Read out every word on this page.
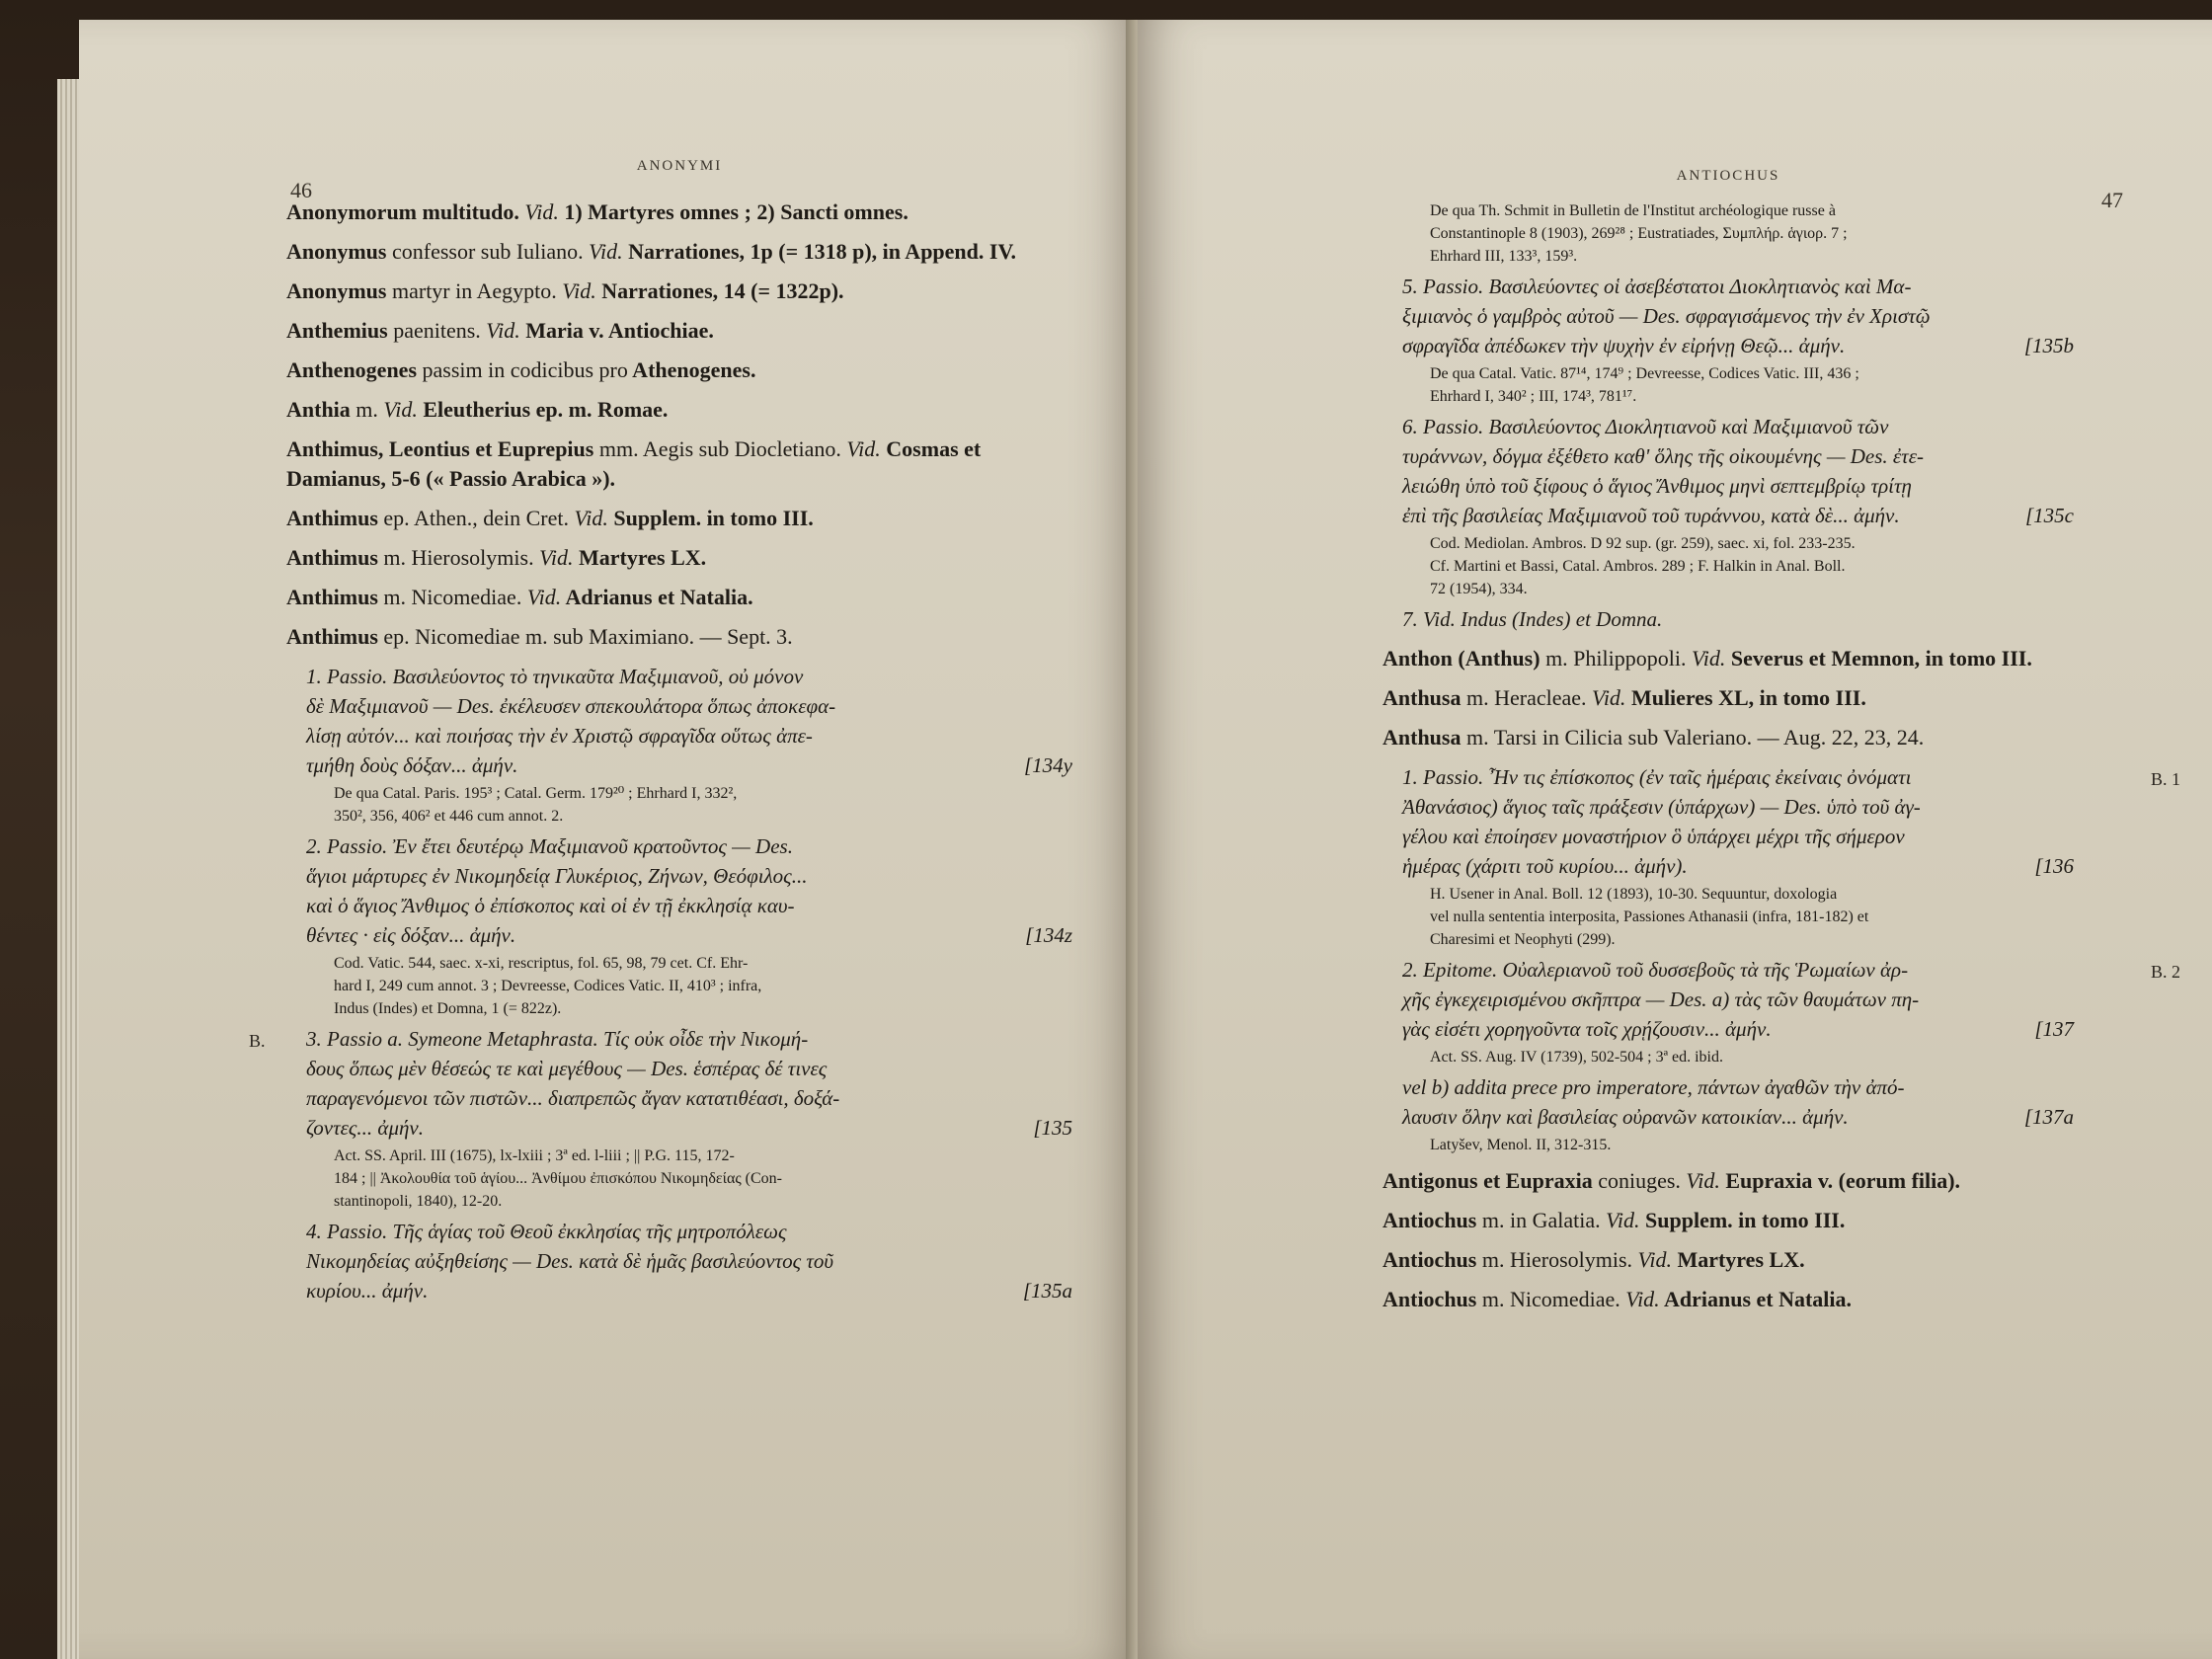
46
ANONYMI
Anonymorum multitudo. Vid. 1) Martyres omnes ; 2) Sancti omnes.
Anonymus confessor sub Iuliano. Vid. Narrationes, 1p (= 1318 p), in Append. IV.
Anonymus martyr in Aegypto. Vid. Narrationes, 14 (= 1322p).
Anthemius paenitens. Vid. Maria v. Antiochiae.
Anthenogenes passim in codicibus pro Athenogenes.
Anthia m. Vid. Eleutherius ep. m. Romae.
Anthimus, Leontius et Euprepius mm. Aegis sub Diocletiano. Vid. Cosmas et Damianus, 5-6 (« Passio Arabica »).
Anthimus ep. Athen., dein Cret. Vid. Supplem. in tomo III.
Anthimus m. Hierosolymis. Vid. Martyres LX.
Anthimus m. Nicomediae. Vid. Adrianus et Natalia.
Anthimus ep. Nicomediae m. sub Maximiano. — Sept. 3.
1. Passio. Βασιλεύοντος τὸ τηνικαῦτα Μαξιμιανοῦ, οὐ μόνον
δὲ Μαξιμιανοῦ — Des. ἐκέλευσεν σπεκουλάτορα ὅπως ἀποκεφα-
λίσῃ αὐτόν... καὶ ποιήσας τὴν ἐν Χριστῷ σφραγῖδα οὕτως ἀπε-
τμήθη δοὺς δόξαν... ἀμήν.	[134y
De qua Catal. Paris. 195³ ; Catal. Germ. 179²⁰ ; Ehrhard I, 332²,
350², 356, 406² et 446 cum annot. 2.
2. Passio. Ἐν ἔτει δευτέρῳ Μαξιμιανοῦ κρατοῦντος — Des.
ἅγιοι μάρτυρες ἐν Νικομηδείᾳ Γλυκέριος, Ζήνων, Θεόφιλος...
καὶ ὁ ἅγιος Ἄνθιμος ὁ ἐπίσκοπος καὶ οἱ ἐν τῇ ἐκκλησίᾳ καυ-
θέντες · εἰς δόξαν... ἀμήν.	[134z
Cod. Vatic. 544, saec. x-xi, rescriptus, fol. 65, 98, 79 cet. Cf. Ehr-
hard I, 249 cum annot. 3 ; Devreesse, Codices Vatic. II, 410³ ; infra,
Indus (Indes) et Domna, 1 (= 822z).
B. 3. Passio a. Symeone Metaphrasta. Τίς οὐκ οἶδε τὴν Νικομή-
δους ὅπως μὲν θέσεώς τε καὶ μεγέθους — Des. ἑσπέρας δέ τινες
παραγενόμενοι τῶν πιστῶν... διαπρεπῶς ἄγαν κατατιθέασι, δοξά-
ζοντες... ἀμήν.	[135
Act. SS. April. III (1675), lx-lxiii ; 3ª ed. l-liii ; || P.G. 115, 172-
184 ; || Ἀκολουθία τοῦ ἁγίου... Ἀνθίμου ἐπισκόπου Νικομηδείας (Con-
stantinopoli, 1840), 12-20.
4. Passio. Τῆς ἁγίας τοῦ Θεοῦ ἐκκλησίας τῆς μητροπόλεως
Νικομηδείας αὐξηθείσης — Des. κατὰ δὲ ἡμᾶς βασιλεύοντος τοῦ
κυρίου... ἀμήν.	[135a
ANTIOCHUS
47
De qua Th. Schmit in Bulletin de l'Institut archéologique russe à
Constantinople 8 (1903), 269²⁸ ; Eustratiades, Συμπλήρ. ἁγιορ. 7 ;
Ehrhard III, 133³, 159³.
5. Passio. Βασιλεύοντες οἱ ἀσεβέστατοι Διοκλητιανὸς καὶ Μα-
ξιμιανὸς ὁ γαμβρὸς αὐτοῦ — Des. σφραγισάμενος τὴν ἐν Χριστῷ
σφραγῖδα ἀπέδωκεν τὴν ψυχὴν ἐν εἰρήνῃ Θεῷ... ἀμήν.	[135b
De qua Catal. Vatic. 87¹⁴, 174⁹ ; Devreesse, Codices Vatic. III, 436 ;
Ehrhard I, 340² ; III, 174³, 781¹⁷.
6. Passio. Βασιλεύοντος Διοκλητιανοῦ καὶ Μαξιμιανοῦ τῶν
τυράννων, δόγμα ἐξέθετο καθ' ὅλης τῆς οἰκουμένης — Des. ἐτε-
λειώθη ὑπὸ τοῦ ξίφους ὁ ἅγιος Ἄνθιμος μηνὶ σεπτεμβρίῳ τρίτῃ
ἐπὶ τῆς βασιλείας Μαξιμιανοῦ τοῦ τυράννου, κατὰ δὲ... ἀμήν.	[135c
Cod. Mediolan. Ambros. D 92 sup. (gr. 259), saec. xi, fol. 233-235.
Cf. Martini et Bassi, Catal. Ambros. 289 ; F. Halkin in Anal. Boll.
72 (1954), 334.
7. Vid. Indus (Indes) et Domna.
Anthon (Anthus) m. Philippopoli. Vid. Severus et Memnon, in tomo III.
Anthusa m. Heracleae. Vid. Mulieres XL, in tomo III.
Anthusa m. Tarsi in Cilicia sub Valeriano. — Aug. 22, 23, 24.
B. 1
1. Passio. Ἦν τις ἐπίσκοπος (ἐν ταῖς ἡμέραις ἐκείναις ὀνόματι
Ἀθανάσιος) ἅγιος ταῖς πράξεσιν (ὑπάρχων) — Des. ὑπὸ τοῦ ἀγ-
γέλου καὶ ἐποίησεν μοναστήριον ὃ ὑπάρχει μέχρι τῆς σήμερον
ἡμέρας (χάριτι τοῦ κυρίου... ἀμήν).	[136
H. Usener in Anal. Boll. 12 (1893), 10-30. Sequuntur, doxologia
vel nulla sententia interposita, Passiones Athanasii (infra, 181-182) et
Charesimi et Neophyti (299).
B. 2
2. Epitome. Οὐαλεριανοῦ τοῦ δυσσεβοῦς τὰ τῆς Ῥωμαίων ἀρ-
χῆς ἐγκεχειρισμένου σκῆπτρα — Des. a) τὰς τῶν θαυμάτων πη-
γὰς εἰσέτι χορηγοῦντα τοῖς χρῄζουσιν... ἀμήν.	[137
Act. SS. Aug. IV (1739), 502-504 ; 3ª ed. ibid.
vel b) addita prece pro imperatore, πάντων ἀγαθῶν τὴν ἀπό-
λαυσιν ὅλην καὶ βασιλείας οὐρανῶν κατοικίαν... ἀμήν.	[137a
Latyšev, Menol. II, 312-315.
Antigonus et Eupraxia coniuges. Vid. Eupraxia v. (eorum filia).
Antiochus m. in Galatia. Vid. Supplem. in tomo III.
Antiochus m. Hierosolymis. Vid. Martyres LX.
Antiochus m. Nicomediae. Vid. Adrianus et Natalia.
